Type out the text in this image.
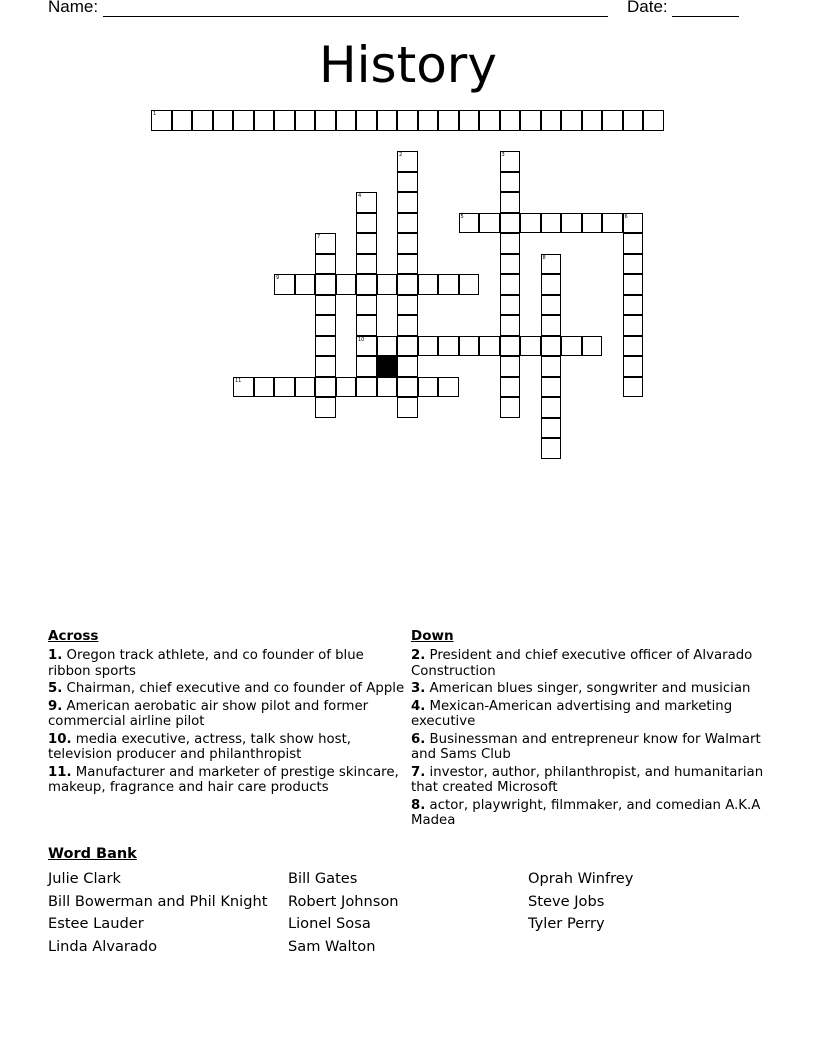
Name:	Date:
History
1
2	3
4
5	6
7
8
9
10
11
Across
1. Oregon track athlete, and co founder of blue ribbon sports
5. Chairman, chief executive and co founder of Apple
9. American aerobatic air show pilot and former commercial airline pilot
10. media executive, actress, talk show host, television producer and philanthropist
11. Manufacturer and marketer of prestige skincare, makeup, fragrance and hair care products
Down
2. President and chief executive officer of Alvarado Construction
3. American blues singer, songwriter and musician
4. Mexican-American advertising and marketing executive
6. Businessman and entrepreneur know for Walmart and Sams Club
7. investor, author, philanthropist, and humanitarian that created Microsoft
8. actor, playwright, filmmaker, and comedian A.K.A Madea
Word Bank
Julie Clark
Bill Bowerman and Phil Knight
Estee Lauder
Linda Alvarado
Bill Gates
Robert Johnson
Lionel Sosa
Sam Walton
Oprah Winfrey
Steve Jobs
Tyler Perry
